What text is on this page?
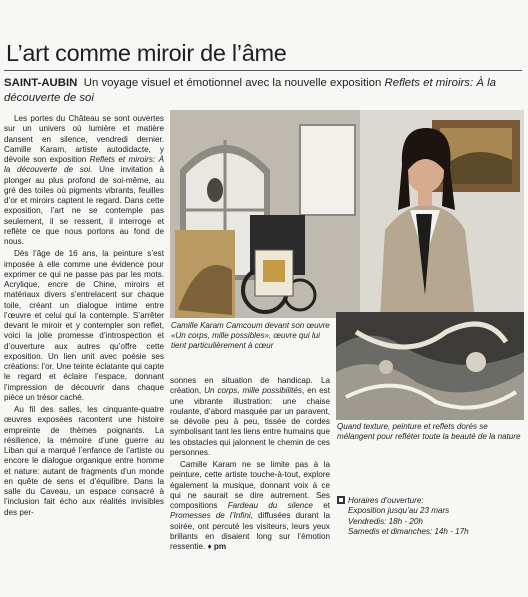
L’art comme miroir de l’âme
SAINT-AUBIN Un voyage visuel et émotionnel avec la nouvelle exposition Reflets et miroirs: À la découverte de soi

Les portes du Château se sont ouvertes sur un univers où lumière et matière dansent en silence, vendredi dernier. Camille Karam, artiste autodidacte, y dévoile son exposition Reflets et miroirs: À la découverte de soi. Une invitation à plonger au plus profond de soi-même, au gré des toiles où pigments vibrants, feuilles d’or et miroirs captent le regard. Dans cette exposition, l’art ne se contemple pas seulement, il se ressent, il interroge et reflète ce que nous portons au fond de nous.

Dès l’âge de 16 ans, la peinture s’est imposée à elle comme une évidence pour exprimer ce qui ne passe pas par les mots. Acrylique, encre de Chine, miroirs et matériaux divers s’entrelacent sur chaque toile, créant un dialogue intime entre l’œuvre et celui qui la contemple. S’arrêter devant le miroir et y contempler son reflet, voici la jolie promesse d’introspection et d’ouverture aux autres qu’offre cette exposition. Un lien unit avec poésie ses créations: l’or. Une teinte éclatante qui capte le regard et éclaire l’espace, donnant l’impression de découvrir dans chaque pièce un trésor caché.

Au fil des salles, les cinquante-quatre œuvres exposées racontent une histoire empreinte de thèmes poignants. La résilience, la mémoire d’une guerre au Liban qui a marqué l’enfance de l’artiste ou encore le dialogue organique entre homme et nature: autant de fragments d’un monde en quête de sens et d’équilibre. Dans la salle du Caveau, un espace consacré à l’inclusion fait écho aux réalités invisibles des per-

Camille Karam Camcoum devant son œuvre «Un corps, mille possibles», œuvre qui lui tient particulièrement à cœur
Quand texture, peinture et reflets dorés se mélangent pour refléter toute la beauté de la nature

sonnes en situation de handicap. La création, Un corps, mille possibilités, en est une vibrante illustration: une chaise roulante, d’abord masquée par un paravent, se dévoile peu à peu, tissée de cordes symbolisant tant les liens entre humains que les obstacles qui jalonnent le chemin de ces personnes.

Camille Karam ne se limite pas à la peinture, cette artiste touche-à-tout, explore également la musique, donnant voix à ce qui ne saurait se dire autrement. Ses compositions Fardeau du silence et Promesses de l’Infini, diffusées durant la soirée, ont percuté les visiteurs, leurs yeux brillants en disaient long sur l’émotion ressentie. ♦ pm

Horaires d’ouverture:
Exposition jusqu’au 23 mars
Vendredis: 18h - 20h
Samedis et dimanches: 14h - 17h
